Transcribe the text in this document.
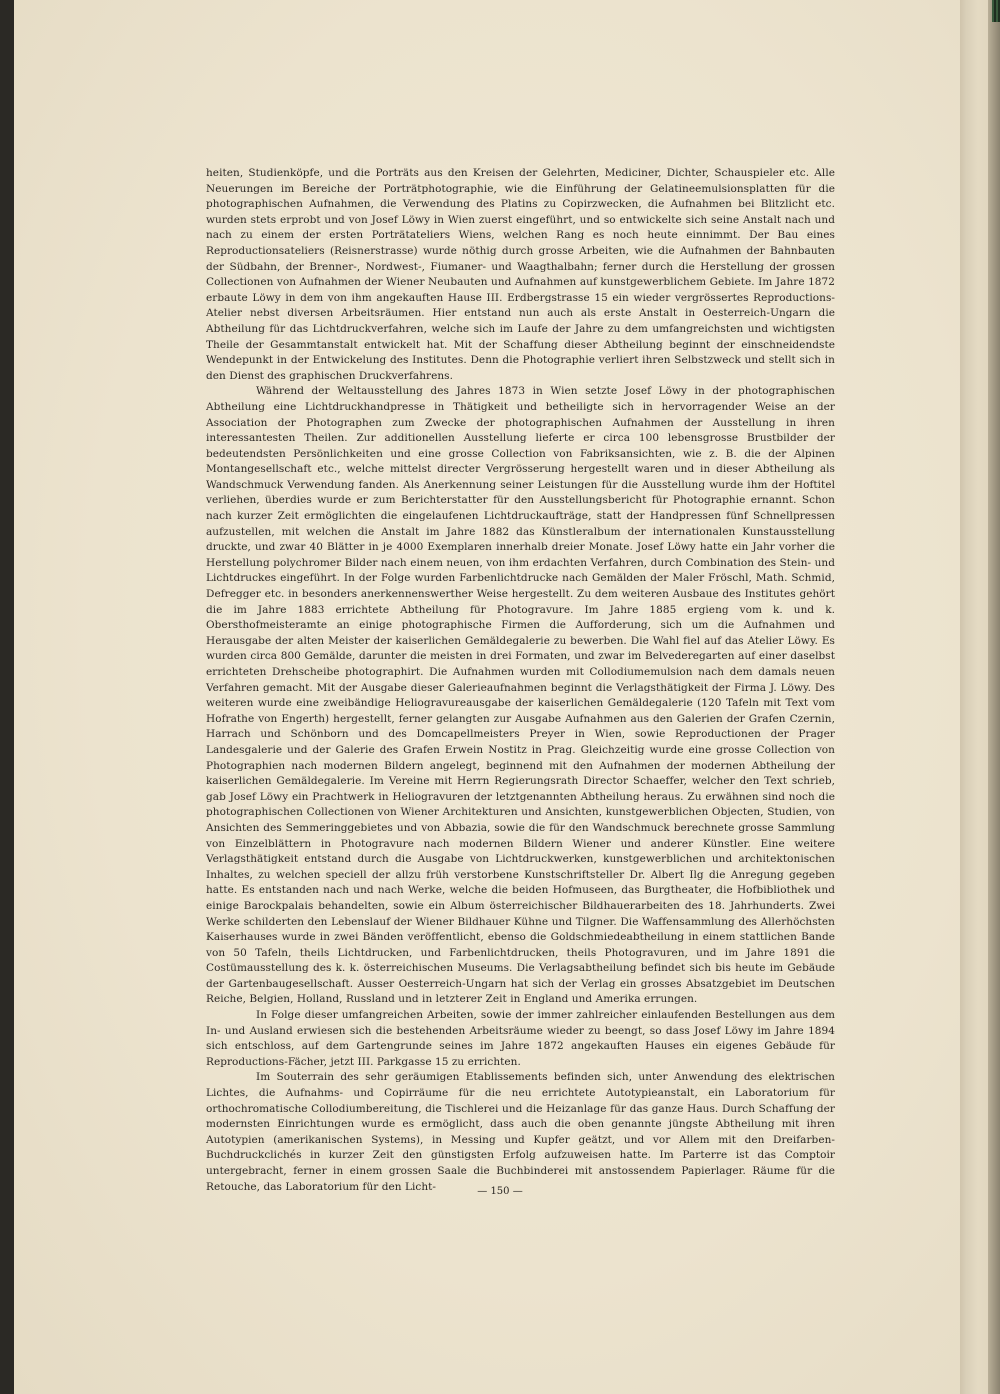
heiten, Studienköpfe, und die Porträts aus den Kreisen der Gelehrten, Mediciner, Dichter, Schauspieler etc. Alle Neuerungen im Bereiche der Porträtphotographie, wie die Einführung der Gelatineemulsionsplatten für die photographischen Aufnahmen, die Verwendung des Platins zu Copirzwecken, die Aufnahmen bei Blitzlicht etc. wurden stets erprobt und von Josef Löwy in Wien zuerst eingeführt, und so entwickelte sich seine Anstalt nach und nach zu einem der ersten Porträtateliers Wiens, welchen Rang es noch heute einnimmt. Der Bau eines Reproductionsateliers (Reisnerstrasse) wurde nöthig durch grosse Arbeiten, wie die Aufnahmen der Bahnbauten der Südbahn, der Brenner-, Nordwest-, Fiumaner- und Waagthalbahn; ferner durch die Herstellung der grossen Collectionen von Aufnahmen der Wiener Neubauten und Aufnahmen auf kunstgewerblichem Gebiete. Im Jahre 1872 erbaute Löwy in dem von ihm angekauften Hause III. Erdbergstrasse 15 ein wieder vergrössertes Reproductions-Atelier nebst diversen Arbeitsräumen. Hier entstand nun auch als erste Anstalt in Oesterreich-Ungarn die Abtheilung für das Lichtdruckverfahren, welche sich im Laufe der Jahre zu dem umfangreichsten und wichtigsten Theile der Gesammtanstalt entwickelt hat. Mit der Schaffung dieser Abtheilung beginnt der einschneidendste Wendepunkt in der Entwickelung des Institutes. Denn die Photographie verliert ihren Selbstzweck und stellt sich in den Dienst des graphischen Druckverfahrens.

Während der Weltausstellung des Jahres 1873 in Wien setzte Josef Löwy in der photographischen Abtheilung eine Lichtdruckhandpresse in Thätigkeit und betheiligte sich in hervorragender Weise an der Association der Photographen zum Zwecke der photographischen Aufnahmen der Ausstellung in ihren interessantesten Theilen. Zur additionellen Ausstellung lieferte er circa 100 lebensgrosse Brustbilder der bedeutendsten Persönlichkeiten und eine grosse Collection von Fabriksansichten, wie z. B. die der Alpinen Montangesellschaft etc., welche mittelst directer Vergrösserung hergestellt waren und in dieser Abtheilung als Wandschmuck Verwendung fanden. Als Anerkennung seiner Leistungen für die Ausstellung wurde ihm der Hoftitel verliehen, überdies wurde er zum Berichterstatter für den Ausstellungsbericht für Photographie ernannt. Schon nach kurzer Zeit ermöglichten die eingelaufenen Lichtdruckaufträge, statt der Handpressen fünf Schnellpressen aufzustellen, mit welchen die Anstalt im Jahre 1882 das Künstleralbum der internationalen Kunstausstellung druckte, und zwar 40 Blätter in je 4000 Exemplaren innerhalb dreier Monate. Josef Löwy hatte ein Jahr vorher die Herstellung polychromer Bilder nach einem neuen, von ihm erdachten Verfahren, durch Combination des Stein- und Lichtdruckes eingeführt. In der Folge wurden Farbenlichtdrucke nach Gemälden der Maler Fröschl, Math. Schmid, Defregger etc. in besonders anerkennenswerther Weise hergestellt. Zu dem weiteren Ausbaue des Institutes gehört die im Jahre 1883 errichtete Abtheilung für Photogravure. Im Jahre 1885 ergieng vom k. und k. Obersthofmeisteramte an einige photographische Firmen die Aufforderung, sich um die Aufnahmen und Herausgabe der alten Meister der kaiserlichen Gemäldegalerie zu bewerben. Die Wahl fiel auf das Atelier Löwy. Es wurden circa 800 Gemälde, darunter die meisten in drei Formaten, und zwar im Belvederegarten auf einer daselbst errichteten Drehscheibe photographirt. Die Aufnahmen wurden mit Collodiumemulsion nach dem damals neuen Verfahren gemacht. Mit der Ausgabe dieser Galerieaufnahmen beginnt die Verlagsthätigkeit der Firma J. Löwy. Des weiteren wurde eine zweibändige Heliogravureausgabe der kaiserlichen Gemäldegalerie (120 Tafeln mit Text vom Hofrathe von Engerth) hergestellt, ferner gelangten zur Ausgabe Aufnahmen aus den Galerien der Grafen Czernin, Harrach und Schönborn und des Domcapellmeisters Preyer in Wien, sowie Reproductionen der Prager Landesgalerie und der Galerie des Grafen Erwein Nostitz in Prag. Gleichzeitig wurde eine grosse Collection von Photographien nach modernen Bildern angelegt, beginnend mit den Aufnahmen der modernen Abtheilung der kaiserlichen Gemäldegalerie. Im Vereine mit Herrn Regierungsrath Director Schaeffer, welcher den Text schrieb, gab Josef Löwy ein Prachtwerk in Heliogravuren der letztgenannten Abtheilung heraus. Zu erwähnen sind noch die photographischen Collectionen von Wiener Architekturen und Ansichten, kunstgewerblichen Objecten, Studien, von Ansichten des Semmeringgebietes und von Abbazia, sowie die für den Wandschmuck berechnete grosse Sammlung von Einzelblättern in Photogravure nach modernen Bildern Wiener und anderer Künstler. Eine weitere Verlagsthätigkeit entstand durch die Ausgabe von Lichtdruckwerken, kunstgewerblichen und architektonischen Inhaltes, zu welchen speciell der allzu früh verstorbene Kunstschriftsteller Dr. Albert Ilg die Anregung gegeben hatte. Es entstanden nach und nach Werke, welche die beiden Hofmuseen, das Burgtheater, die Hofbibliothek und einige Barockpalais behandelten, sowie ein Album österreichischer Bildhauerarbeiten des 18. Jahrhunderts. Zwei Werke schilderten den Lebenslauf der Wiener Bildhauer Kühne und Tilgner. Die Waffensammlung des Allerhöchsten Kaiserhauses wurde in zwei Bänden veröffentlicht, ebenso die Goldschmiedeabtheilung in einem stattlichen Bande von 50 Tafeln, theils Lichtdrucken, und Farbenlichtdrucken, theils Photogravuren, und im Jahre 1891 die Costümausstellung des k. k. österreichischen Museums. Die Verlagsabtheilung befindet sich bis heute im Gebäude der Gartenbaugesellschaft. Ausser Oesterreich-Ungarn hat sich der Verlag ein grosses Absatzgebiet im Deutschen Reiche, Belgien, Holland, Russland und in letzterer Zeit in England und Amerika errungen.

In Folge dieser umfangreichen Arbeiten, sowie der immer zahlreicher einlaufenden Bestellungen aus dem In- und Ausland erwiesen sich die bestehenden Arbeitsräume wieder zu beengt, so dass Josef Löwy im Jahre 1894 sich entschloss, auf dem Gartengrunde seines im Jahre 1872 angekauften Hauses ein eigenes Gebäude für Reproductions-Fächer, jetzt III. Parkgasse 15 zu errichten.

Im Souterrain des sehr geräumigen Etablissements befinden sich, unter Anwendung des elektrischen Lichtes, die Aufnahms- und Copirräume für die neu errichtete Autotypieanstalt, ein Laboratorium für orthochromatische Collodiumbereitung, die Tischlerei und die Heizanlage für das ganze Haus. Durch Schaffung der modernsten Einrichtungen wurde es ermöglicht, dass auch die oben genannte jüngste Abtheilung mit ihren Autotypien (amerikanischen Systems), in Messing und Kupfer geätzt, und vor Allem mit den Dreifarben-Buchdruckclichés in kurzer Zeit den günstigsten Erfolg aufzuweisen hatte. Im Parterre ist das Comptoir untergebracht, ferner in einem grossen Saale die Buchbinderei mit anstossendem Papierlager. Räume für die Retouche, das Laboratorium für den Licht-	— 150 —
